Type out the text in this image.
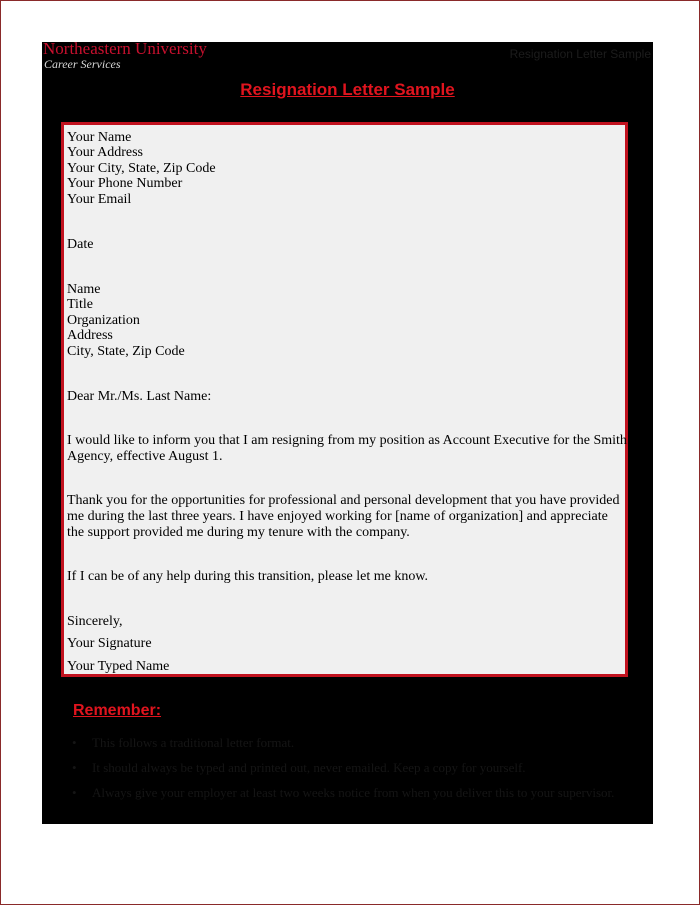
Northeastern University
Career Services
Resignation Letter Sample
Resignation Letter Sample
Your Name
Your Address
Your City, State, Zip Code
Your Phone Number
Your Email
Date
Name
Title
Organization
Address
City, State, Zip Code
Dear Mr./Ms. Last Name:
I would like to inform you that I am resigning from my position as Account Executive for the Smith Agency, effective August 1.
Thank you for the opportunities for professional and personal development that you have provided me during the last three years. I have enjoyed working for [name of organization] and appreciate the support provided me during my tenure with the company.
If I can be of any help during this transition, please let me know.
Sincerely,
Your Signature
Your Typed Name
Remember:
• This follows a traditional letter format.
• It should always be typed and printed out, never emailed. Keep a copy for yourself.
• Always give your employer at least two weeks notice from when you deliver this to your supervisor.
